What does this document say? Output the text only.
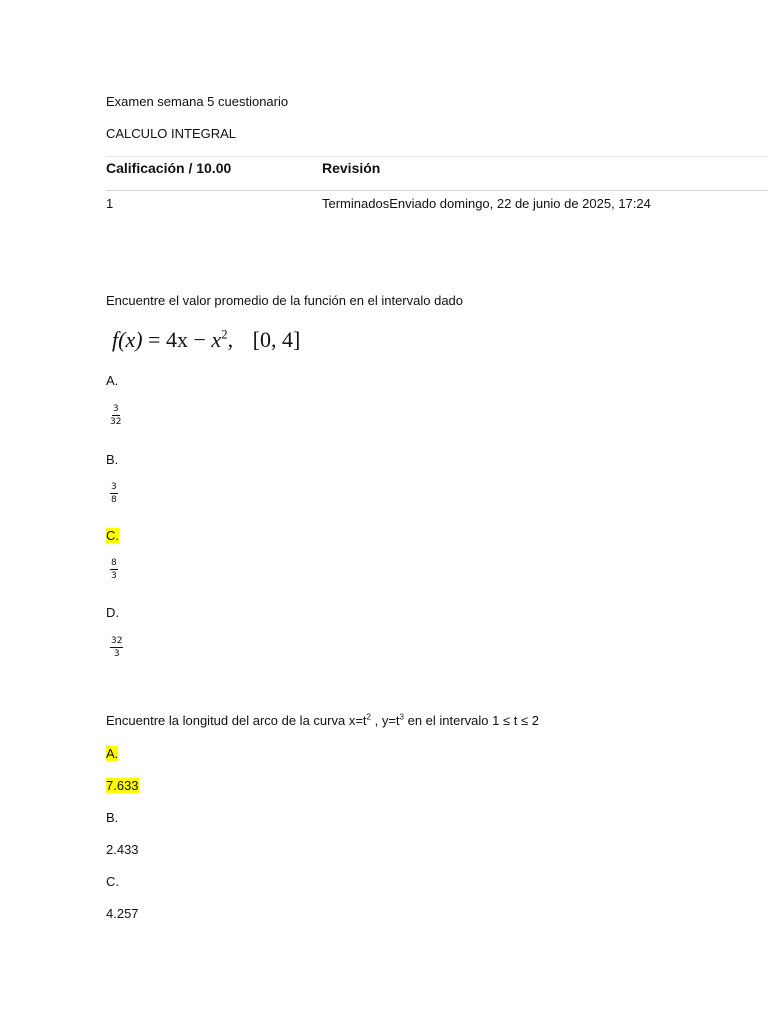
Examen semana 5 cuestionario
CALCULO INTEGRAL
Calificación / 10.00	Revisión
1	TerminadosEnviado domingo, 22 de junio de 2025, 17:24
Encuentre el valor promedio de la función en el intervalo dado
$f(x) = 4x - x^2$, [0, 4]
A.
$\frac{3}{32}$
B.
$\frac{3}{8}$
C.
$\frac{8}{3}$
D.
$\frac{32}{3}$
Encuentre la longitud del arco de la curva $x=t^2$ , $y=t^3$ en el intervalo 1 ≤ t ≤ 2
A.
7.633
B.
2.433
C.
4.257
